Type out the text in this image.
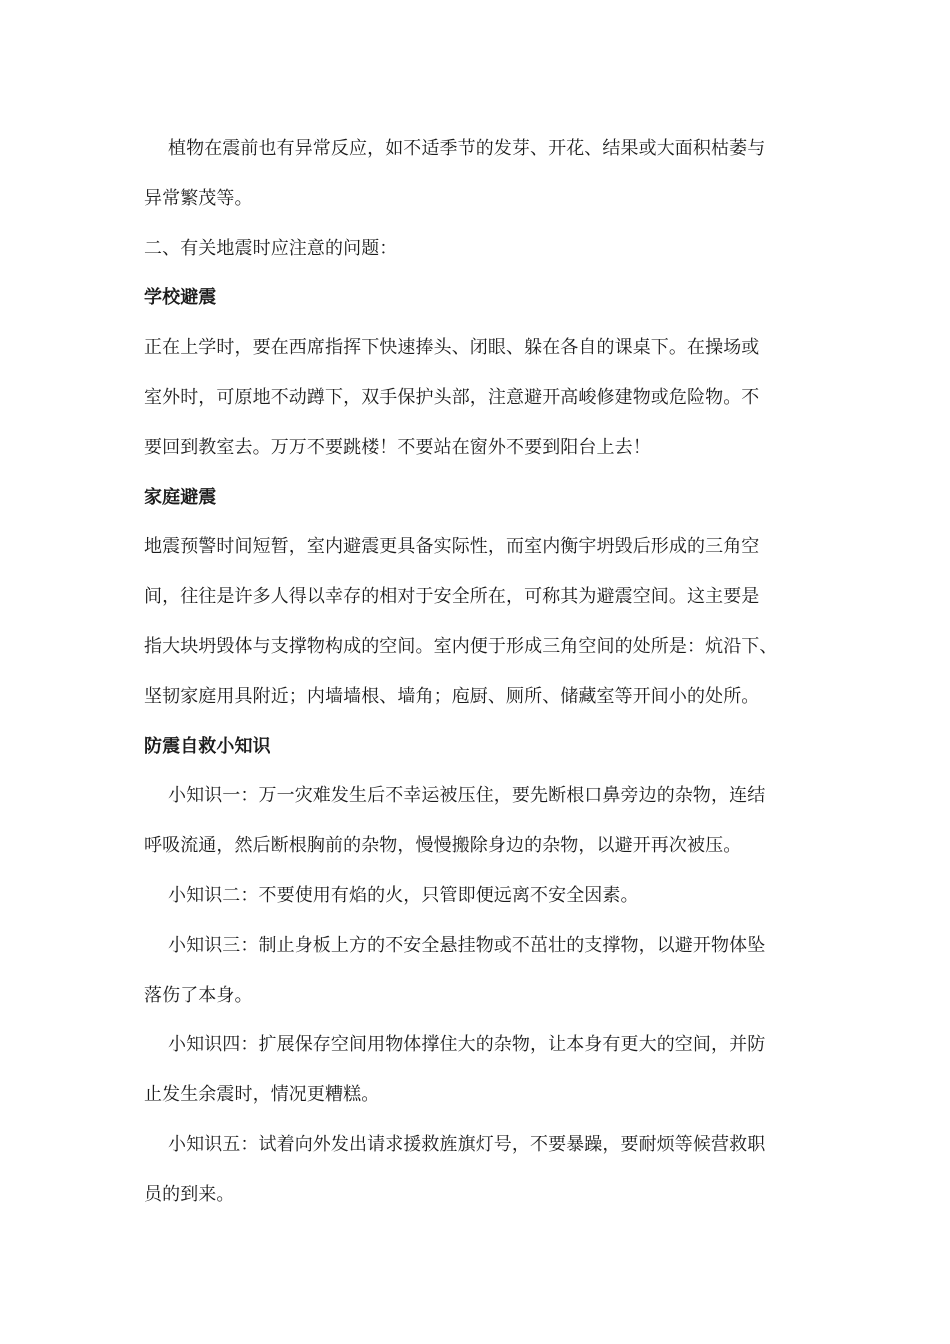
植物在震前也有异常反应，如不适季节的发芽、开花、结果或大面积枯萎与
异常繁茂等。
二、有关地震时应注意的问题：
学校避震
正在上学时，要在西席指挥下快速捧头、闭眼、躲在各自的课桌下。在操场或
室外时，可原地不动蹲下，双手保护头部，注意避开高峻修建物或危险物。不
要回到教室去。万万不要跳楼！不要站在窗外不要到阳台上去！
家庭避震
地震预警时间短暂，室内避震更具备实际性，而室内衡宇坍毁后形成的三角空
间，往往是许多人得以幸存的相对于安全所在，可称其为避震空间。这主要是
指大块坍毁体与支撑物构成的空间。室内便于形成三角空间的处所是：炕沿下、
坚韧家庭用具附近；内墙墙根、墙角；庖厨、厕所、储藏室等开间小的处所。
防震自救小知识
小知识一：万一灾难发生后不幸运被压住，要先断根口鼻旁边的杂物，连结
呼吸流通，然后断根胸前的杂物，慢慢搬除身边的杂物，以避开再次被压。
小知识二：不要使用有焰的火，只管即便远离不安全因素。
小知识三：制止身板上方的不安全悬挂物或不茁壮的支撑物，以避开物体坠
落伤了本身。
小知识四：扩展保存空间用物体撑住大的杂物，让本身有更大的空间，并防
止发生余震时，情况更糟糕。
小知识五：试着向外发出请求援救旌旗灯号，不要暴躁，要耐烦等候营救职
员的到来。
